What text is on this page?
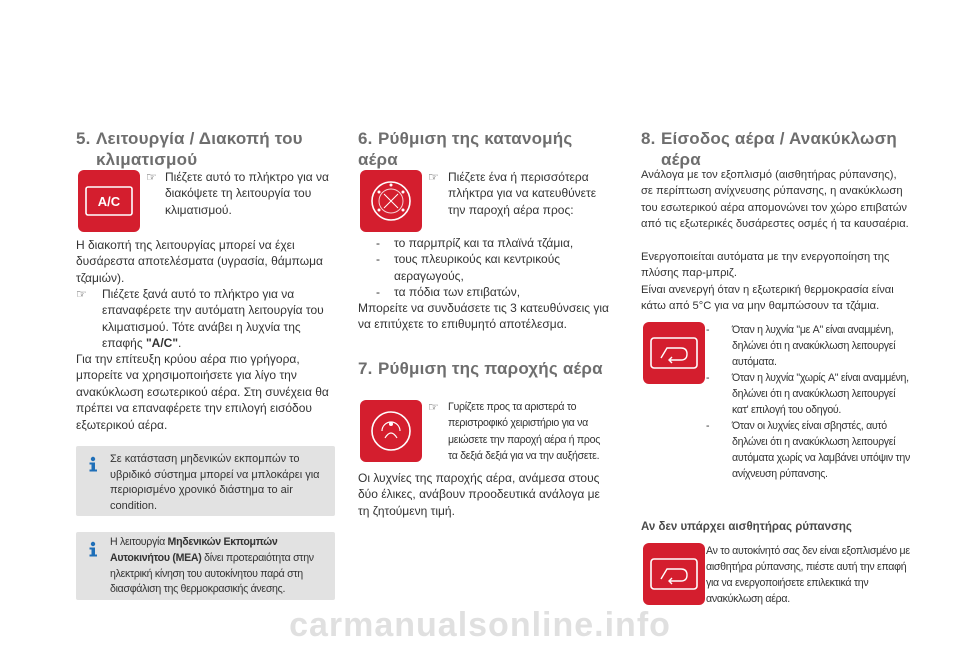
5. Λειτουργία / Διακοπή του
κλιματισμού
A/C
☞ Πιέζετε αυτό το πλήκτρο για να διακόψετε τη λειτουργία του κλιματισμού.
Η διακοπή της λειτουργίας μπορεί να έχει δυσάρεστα αποτελέσματα (υγρασία, θάμπωμα τζαμιών).
☞ Πιέζετε ξανά αυτό το πλήκτρο για να επαναφέρετε την αυτόματη λειτουργία του κλιματισμού. Τότε ανάβει η λυχνία της επαφής "A/C".
Για την επίτευξη κρύου αέρα πιο γρήγορα, μπορείτε να χρησιμοποιήσετε για λίγο την ανακύκλωση εσωτερικού αέρα. Στη συνέχεια θα πρέπει να επαναφέρετε την επιλογή εισόδου εξωτερικού αέρα.
Σε κατάσταση μηδενικών εκπομπών το υβριδικό σύστημα μπορεί να μπλοκάρει για περιορισμένο χρονικό διάστημα το air condition.
Η λειτουργία Μηδενικών Εκπομπών Αυτοκινήτου (ΜΕΑ) δίνει προτεραιότητα στην ηλεκτρική κίνηση του αυτοκίνητου παρά στη διασφάλιση της θερμοκρασικής άνεσης.
6. Ρύθμιση της κατανομής αέρα
☞ Πιέζετε ένα ή περισσότερα πλήκτρα για να κατευθύνετε την παροχή αέρα προς:
- το παρμπρίζ και τα πλαϊνά τζάμια,
- τους πλευρικούς και κεντρικούς αεραγωγούς,
- τα πόδια των επιβατών,
Μπορείτε να συνδυάσετε τις 3 κατευθύνσεις για να επιτύχετε το επιθυμητό αποτέλεσμα.
7. Ρύθμιση της παροχής αέρα
☞ Γυρίζετε προς τα αριστερά το περιστροφικό χειριστήριο για να μειώσετε την παροχή αέρα ή προς τα δεξιά δεξιά για να την αυξήσετε.
Οι λυχνίες της παροχής αέρα, ανάμεσα στους δύο έλικες, ανάβουν προοδευτικά ανάλογα με τη ζητούμενη τιμή.
8. Είσοδος αέρα / Ανακύκλωση
αέρα
Ανάλογα με τον εξοπλισμό (αισθητήρας ρύπανσης), σε περίπτωση ανίχνευσης ρύπανσης, η ανακύκλωση του εσωτερικού αέρα απομονώνει τον χώρο επιβατών από τις εξωτερικές δυσάρεστες οσμές ή τα καυσαέρια.
Ενεργοποιείται αυτόματα με την ενεργοποίηση της πλύσης παρ-μπριζ.
Είναι ανενεργή όταν η εξωτερική θερμοκρασία είναι κάτω από 5°C για να μην θαμπώσουν τα τζάμια.
- Όταν η λυχνία "με A" είναι αναμμένη, δηλώνει ότι η ανακύκλωση λειτουργεί αυτόματα.
- Όταν η λυχνία "χωρίς A" είναι αναμμένη, δηλώνει ότι η ανακύκλωση λειτουργεί κατ' επιλογή του οδηγού.
- Όταν οι λυχνίες είναι σβηστές, αυτό δηλώνει ότι η ανακύκλωση λειτουργεί αυτόματα χωρίς να λαμβάνει υπόψιν την ανίχνευση ρύπανσης.
Αν δεν υπάρχει αισθητήρας ρύπανσης
Αν το αυτοκίνητό σας δεν είναι εξοπλισμένο με αισθητήρα ρύπανσης, πιέστε αυτή την επαφή για να ενεργοποιήσετε επιλεκτικά την ανακύκλωση αέρα.
carmanualsonline.info
